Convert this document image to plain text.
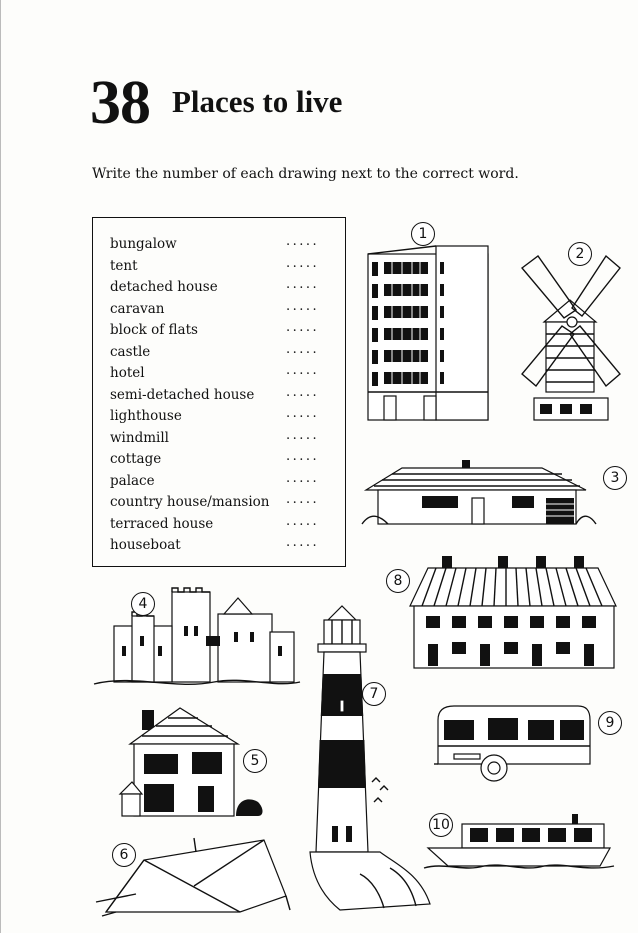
38 Places to live
Write the number of each drawing next to the correct word.
bungalow	.....
tent	.....
detached house	.....
caravan	.....
block of flats	.....
castle	.....
hotel	.....
semi-detached house .....
lighthouse	.....
windmill	.....
cottage	.....
palace	.....
country house/mansion .....
terraced house	.....
houseboat	.....
1
2
3
4
5
6
7
8
9
10
